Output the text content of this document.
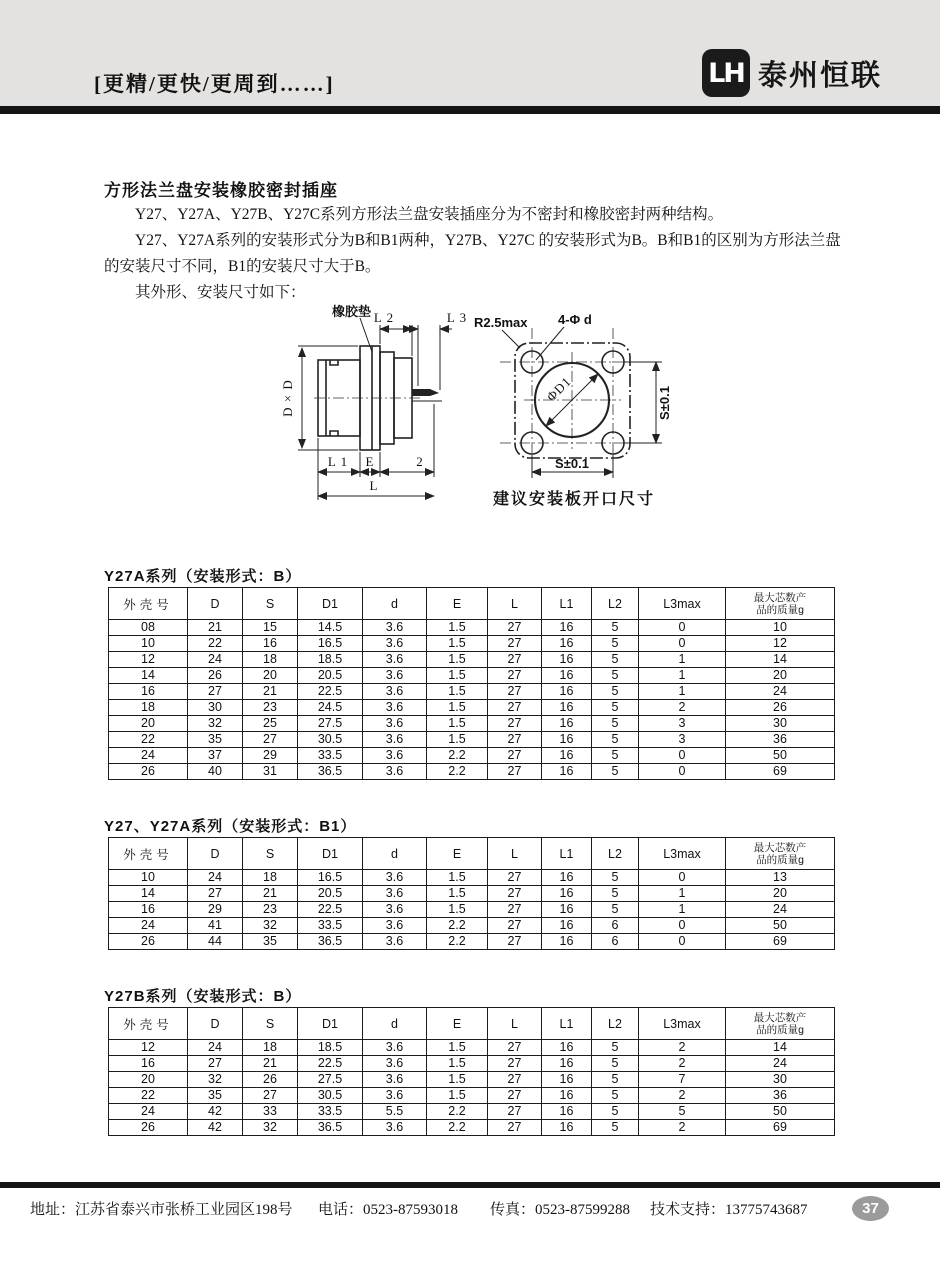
[更精/更快/更周到……]	LH 泰州恒联
方形法兰盘安装橡胶密封插座

Y27、Y27A、Y27B、Y27C系列方形法兰盘安装插座分为不密封和橡胶密封两种结构。

Y27、Y27A系列的安装形式分为B和B1两种，Y27B、Y27C 的安装形式为B。B和B1的区别为方形法兰盘的安装尺寸不同，B1的安装尺寸大于B。

其外形、安装尺寸如下：

D × D
L 2	L 3
橡胶垫
L 1 E	2
L
ΦD1
R2.5max 4-Φ d
S±0.1
S±0.1
建议安装板开口尺寸
Y27A系列（安装形式：B）
外壳号	D	S	D1	d	E	L	L1	L2	L3max	最大芯数产品的质量g
08	21	15	14.5	3.6	1.5	27	16	5	0	10
10	22	16	16.5	3.6	1.5	27	16	5	0	12
12	24	18	18.5	3.6	1.5	27	16	5	1	14
14	26	20	20.5	3.6	1.5	27	16	5	1	20
16	27	21	22.5	3.6	1.5	27	16	5	1	24
18	30	23	24.5	3.6	1.5	27	16	5	2	26
20	32	25	27.5	3.6	1.5	27	16	5	3	30
22	35	27	30.5	3.6	1.5	27	16	5	3	36
24	37	29	33.5	3.6	2.2	27	16	5	0	50
26	40	31	36.5	3.6	2.2	27	16	5	0	69
Y27、Y27A系列（安装形式：B1）
外壳号	D	S	D1	d	E	L	L1	L2	L3max	最大芯数产品的质量g
10	24	18	16.5	3.6	1.5	27	16	5	0	13
14	27	21	20.5	3.6	1.5	27	16	5	1	20
16	29	23	22.5	3.6	1.5	27	16	5	1	24
24	41	32	33.5	3.6	2.2	27	16	6	0	50
26	44	35	36.5	3.6	2.2	27	16	6	0	69
Y27B系列（安装形式：B）
外壳号	D	S	D1	d	E	L	L1	L2	L3max	最大芯数产品的质量g
12	24	18	18.5	3.6	1.5	27	16	5	2	14
16	27	21	22.5	3.6	1.5	27	16	5	2	24
20	32	26	27.5	3.6	1.5	27	16	5	7	30
22	35	27	30.5	3.6	1.5	27	16	5	2	36
24	42	33	33.5	5.5	2.2	27	16	5	5	50
26	42	32	36.5	3.6	2.2	27	16	5	2	69
地址：江苏省泰兴市张桥工业园区198号 电话：0523-87593018 传真：0523-87599288 技术支持：13775743687	37
